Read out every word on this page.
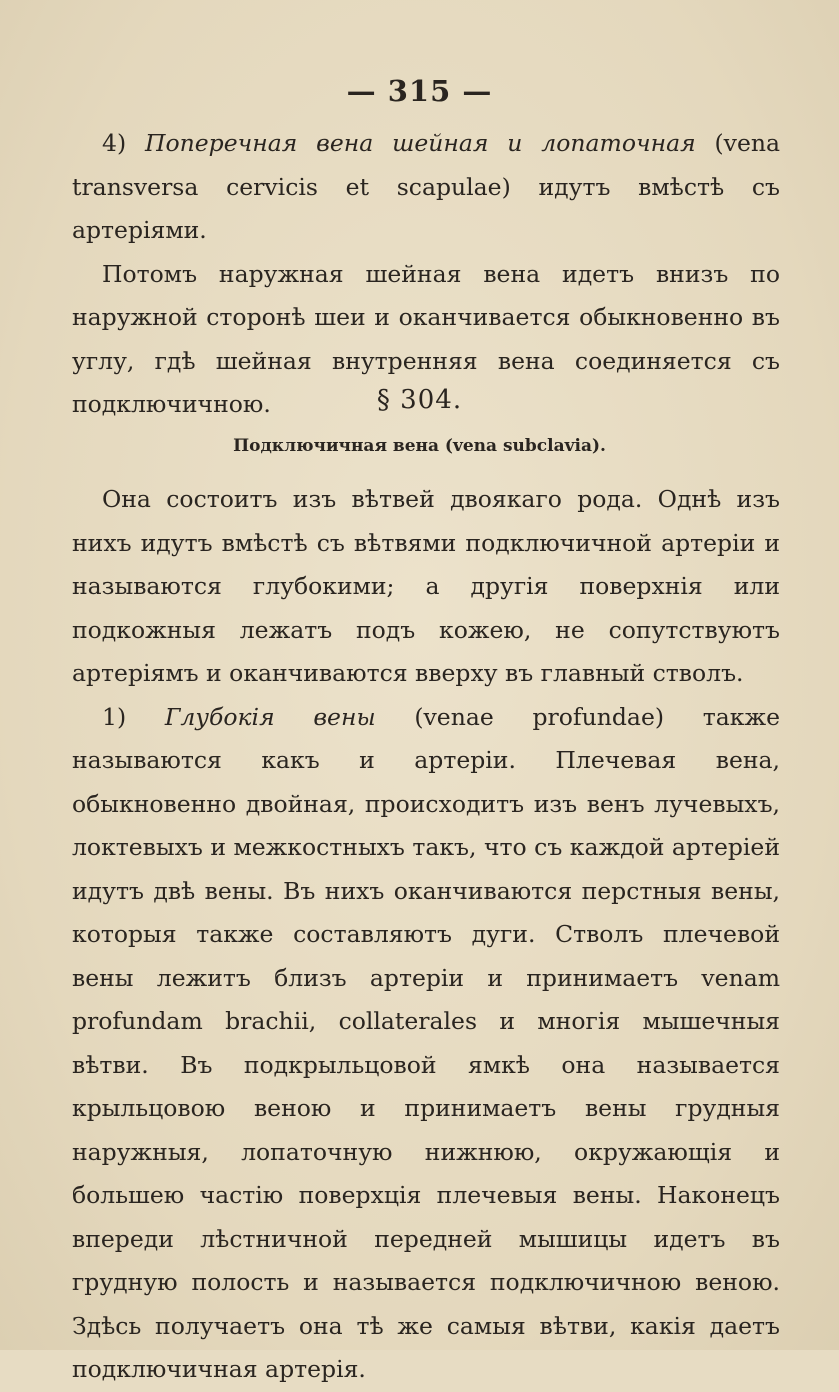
— 315 —

4) Поперечная вена шейная и лопаточная (vena transversa cervicis et scapulae) идутъ вмѣстѣ съ артеріями.

Потомъ наружная шейная вена идетъ внизъ по наружной сторонѣ шеи и оканчивается обыкновенно въ углу, гдѣ шейная внутренняя вена соединяется съ подключичною.	§ 304.
Подключичная вена (vena subclavia).

Она состоитъ изъ вѣтвей двоякаго рода. Однѣ изъ нихъ идутъ вмѣстѣ съ вѣтвями подключичной артеріи и называются глубокими; а другія поверхнія или подкожныя лежатъ подъ кожею, не сопутствуютъ артеріямъ и оканчиваются вверху въ главный стволъ.

1) Глубокія вены (venae profundae) также называются какъ и артеріи. Плечевая вена, обыкновенно двойная, происходитъ изъ венъ лучевыхъ, локтевыхъ и межкостныхъ такъ, что съ каждой артеріей идутъ двѣ вены. Въ нихъ оканчиваются перстныя вены, которыя также составляютъ дуги. Стволъ плечевой вены лежитъ близъ артеріи и принимаетъ venam profundam brachii, collaterales и многія мышечныя вѣтви. Въ подкрыльцовой ямкѣ она называется крыльцовою веною и принимаетъ вены грудныя наружныя, лопаточную нижнюю, окружающія и большею частію поверхція плечевыя вены. Наконецъ впереди лѣстничной передней мышицы идетъ въ грудную полость и называется подключичною веною. Здѣсь получаетъ она тѣ же самыя вѣтви, какія даетъ подключичная артерія.
